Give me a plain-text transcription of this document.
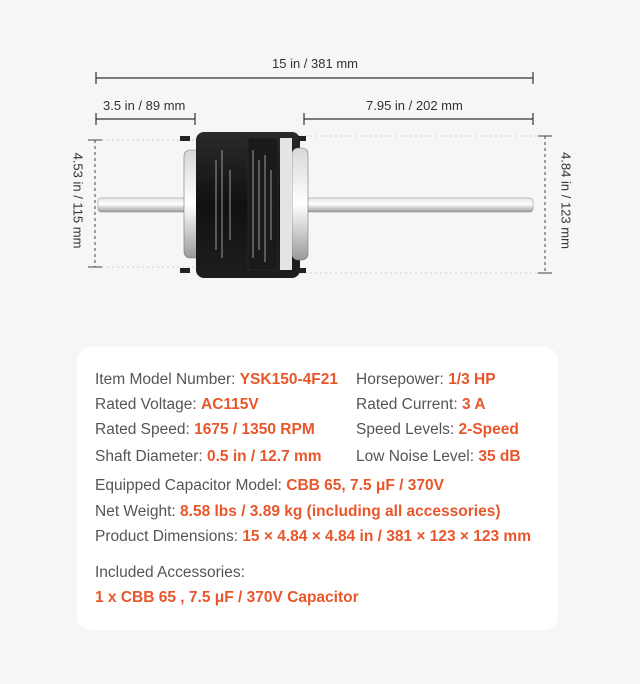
15 in / 381 mm
3.5 in / 89 mm	7.95 in / 202 mm
4.53 in / 115 mm	4.84 in / 123 mm
Item Model Number: YSK150-4F21 Horsepower: 1/3 HP
Rated Voltage: AC115V	Rated Current: 3 A
Rated Speed: 1675 / 1350 RPM	Speed Levels: 2-Speed
Shaft Diameter: 0.5 in / 12.7 mm Low Noise Level: 35 dB
Equipped Capacitor Model: CBB 65, 7.5 μF / 370V
Net Weight: 8.58 lbs / 3.89 kg (including all accessories)
Product Dimensions: 15 × 4.84 × 4.84 in / 381 × 123 × 123 mm
Included Accessories:
1 x CBB 65 , 7.5 μF / 370V Capacitor
